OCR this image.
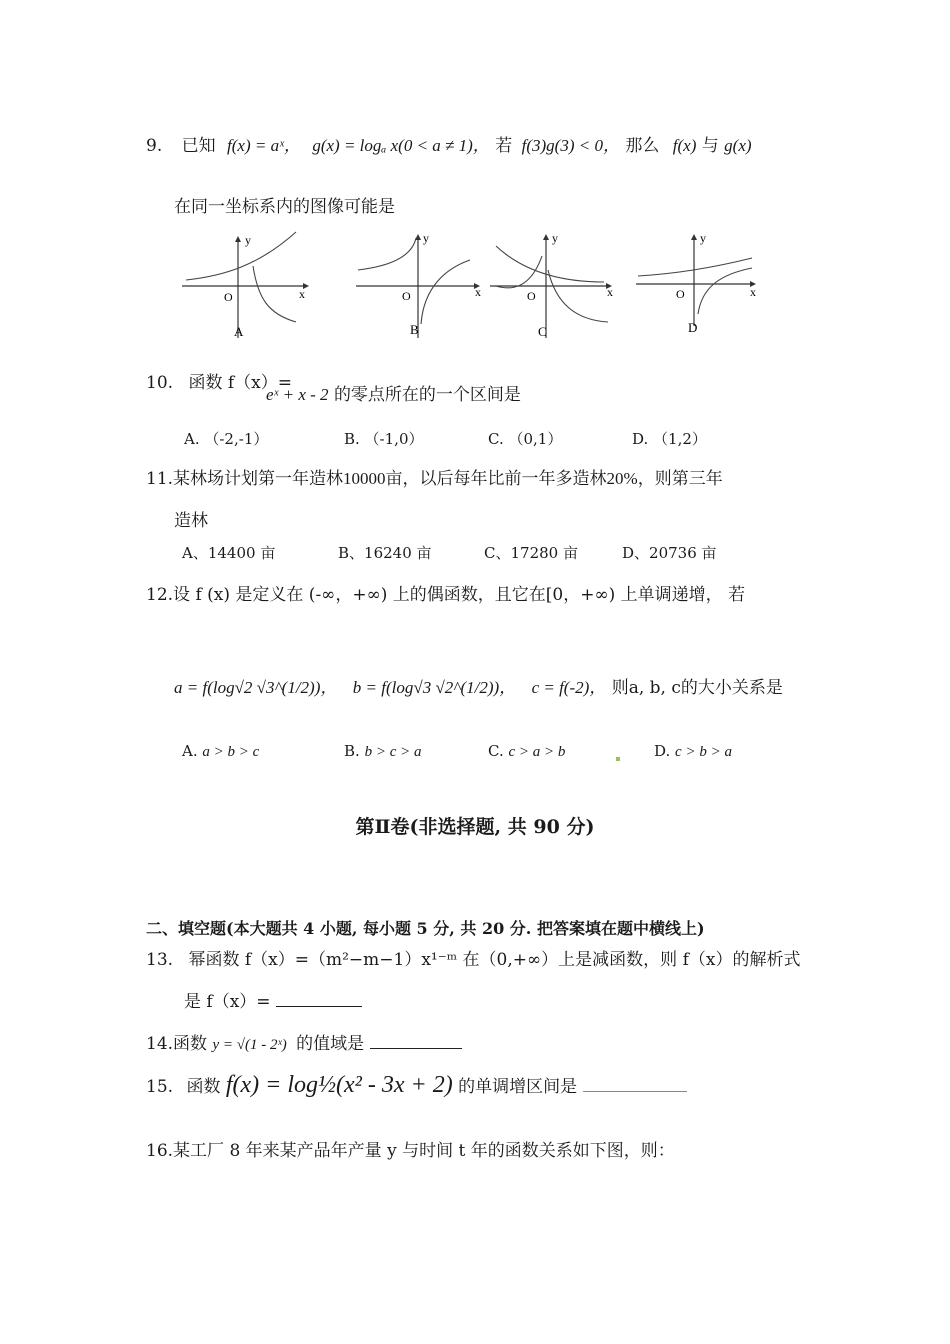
9. 已知 f(x) = aˣ， g(x) = logₐ x(0 < a ≠ 1)， 若 f(3)g(3) < 0， 那么 f(x) 与 g(x)
在同一坐标系内的图像可能是
y
x
O
A
y
x
O
B
y
x
O
C
y
x
O
D
10. 函数 f（x）=
eˣ + x - 2 的零点所在的一个区间是
A. （-2,-1）	B. （-1,0）	C. （0,1）	D. （1,2）
11.某林场计划第一年造林10000亩，以后每年比前一年多造林20%，则第三年
造林
A、14400 亩	B、16240 亩	C、17280 亩	D、20736 亩
12.设 f (x) 是定义在 (-∞，+∞) 上的偶函数，且它在[0，+∞) 上单调递增， 若
a = f(log√2 √3^(1/2))， b = f(log√3 √2^(1/2))， c = f(-2)， 则a, b, c的大小关系是
A. a > b > c	B. b > c > a	C. c > a > b	D. c > b > a
第Ⅱ卷(非选择题, 共 90 分)
二、填空题(本大题共 4 小题, 每小题 5 分, 共 20 分. 把答案填在题中横线上)
13. 幂函数 f（x）=（m²−m−1）x¹⁻ᵐ 在（0,+∞）上是减函数，则 f（x）的解析式
是 f（x）=
14.函数 y = √(1 - 2ˣ) 的值域是
15. 函数 f(x) = log½(x² - 3x + 2) 的单调增区间是
16.某工厂 8 年来某产品年产量 y 与时间 t 年的函数关系如下图，则：
